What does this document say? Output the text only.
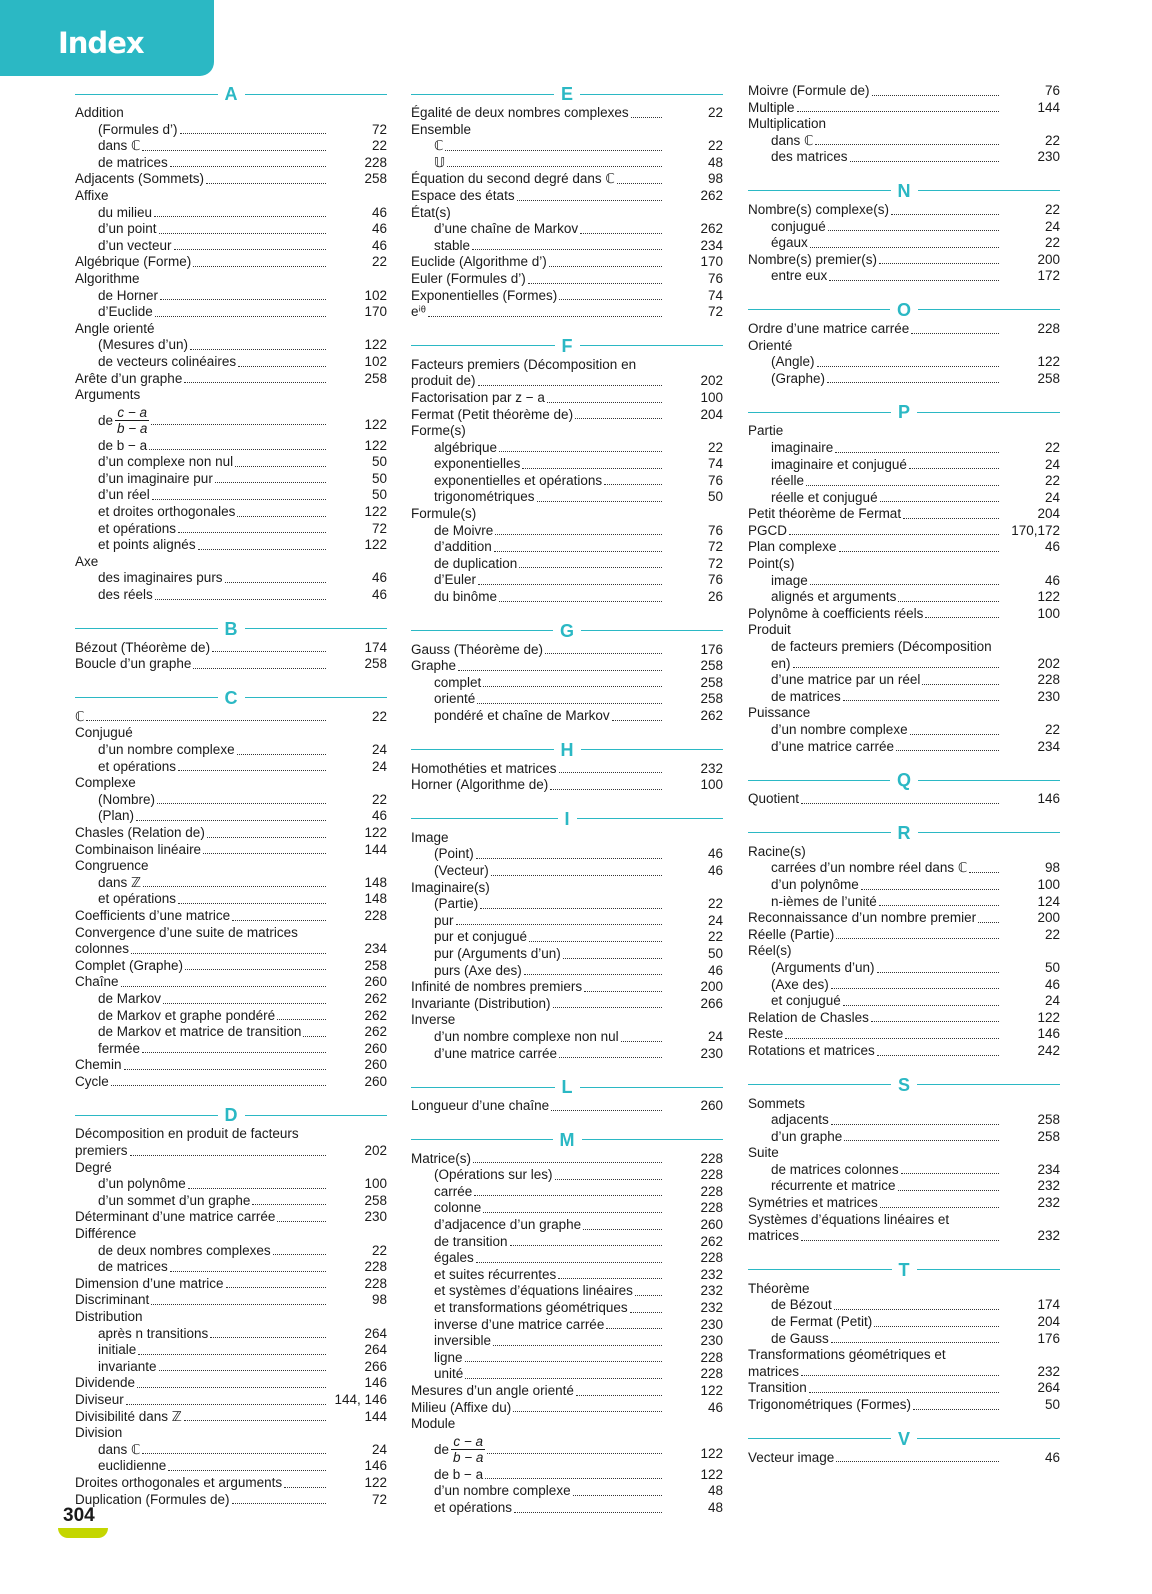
Index
A
Addition
(Formules d’)	72
dans ℂ	22
de matrices	228
Adjacents (Sommets)	258
Affixe
du milieu	46
d’un point	46
d’un vecteur	46
Algébrique (Forme)	22
Algorithme
de Horner	102
d’Euclide	170
Angle orienté
(Mesures d’un)	122
de vecteurs colinéaires	102
Arête d’un graphe	258
Arguments
de $\frac{c - a}{b - a}$	122
de b − a	122
d’un complexe non nul	50
d’un imaginaire pur	50
d’un réel	50
et droites orthogonales	122
et opérations	72
et points alignés	122
Axe
des imaginaires purs	46
des réels	46
B
Bézout (Théorème de)	174
Boucle d’un graphe	258
C
ℂ	22
Conjugué
d’un nombre complexe	24
et opérations	24
Complexe
(Nombre)	22
(Plan)	46
Chasles (Relation de)	122
Combinaison linéaire	144
Congruence
dans ℤ	148
et opérations	148
Coefficients d’une matrice	228
Convergence d’une suite de matrices
colonnes	234
Complet (Graphe)	258
Chaîne	260
de Markov	262
de Markov et graphe pondéré	262
de Markov et matrice de transition	262
fermée	260
Chemin	260
Cycle	260
D
Décomposition en produit de facteurs
premiers	202
Degré
d’un polynôme	100
d’un sommet d’un graphe	258
Déterminant d’une matrice carrée	230
Différence
de deux nombres complexes	22
de matrices	228
Dimension d’une matrice	228
Discriminant	98
Distribution
après n transitions	264
initiale	264
invariante	266
Dividende	146
Diviseur	144, 146
Divisibilité dans ℤ	144
Division
dans ℂ	24
euclidienne	146
Droites orthogonales et arguments	122
Duplication (Formules de)	72
E
Égalité de deux nombres complexes	22
Ensemble
ℂ	22
𝕌	48
Équation du second degré dans ℂ	98
Espace des états	262
État(s)
d’une chaîne de Markov	262
stable	234
Euclide (Algorithme d’)	170
Euler (Formules d’)	76
Exponentielles (Formes)	74
eⁱᶿ	72
F
Facteurs premiers (Décomposition en
produit de)	202
Factorisation par z − a	100
Fermat (Petit théorème de)	204
Forme(s)
algébrique	22
exponentielles	74
exponentielles et opérations	76
trigonométriques	50
Formule(s)
de Moivre	76
d’addition	72
de duplication	72
d’Euler	76
du binôme	26
G
Gauss (Théorème de)	176
Graphe	258
complet	258
orienté	258
pondéré et chaîne de Markov	262
H
Homothéties et matrices	232
Horner (Algorithme de)	100
I
Image
(Point)	46
(Vecteur)	46
Imaginaire(s)
(Partie)	22
pur	24
pur et conjugué	22
pur (Arguments d’un)	50
purs (Axe des)	46
Infinité de nombres premiers	200
Invariante (Distribution)	266
Inverse
d’un nombre complexe non nul	24
d’une matrice carrée	230
L
Longueur d’une chaîne	260
M
Matrice(s)	228
(Opérations sur les)	228
carrée	228
colonne	228
d’adjacence d’un graphe	260
de transition	262
égales	228
et suites récurrentes	232
et systèmes d’équations linéaires	232
et transformations géométriques	232
inverse d’une matrice carrée	230
inversible	230
ligne	228
unité	228
Mesures d’un angle orienté	122
Milieu (Affixe du)	46
Module
de $\frac{c - a}{b - a}$	122
de b − a	122
d’un nombre complexe	48
et opérations	48
Moivre (Formule de)	76
Multiple	144
Multiplication
dans ℂ	22
des matrices	230
N
Nombre(s) complexe(s)	22
conjugué	24
égaux	22
Nombre(s) premier(s)	200
entre eux	172
O
Ordre d’une matrice carrée	228
Orienté
(Angle)	122
(Graphe)	258
P
Partie
imaginaire	22
imaginaire et conjugué	24
réelle	22
réelle et conjugué	24
Petit théorème de Fermat	204
PGCD	170,172
Plan complexe	46
Point(s)
image	46
alignés et arguments	122
Polynôme à coefficients réels	100
Produit
de facteurs premiers (Décomposition
en)	202
d’une matrice par un réel	228
de matrices	230
Puissance
d’un nombre complexe	22
d’une matrice carrée	234
Q
Quotient	146
R
Racine(s)
carrées d’un nombre réel dans ℂ	98
d’un polynôme	100
n-ièmes de l’unité	124
Reconnaissance d’un nombre premier	200
Réelle (Partie)	22
Réel(s)
(Arguments d’un)	50
(Axe des)	46
et conjugué	24
Relation de Chasles	122
Reste	146
Rotations et matrices	242
S
Sommets
adjacents	258
d’un graphe	258
Suite
de matrices colonnes	234
récurrente et matrice	232
Symétries et matrices	232
Systèmes d’équations linéaires et
matrices	232
T
Théorème
de Bézout	174
de Fermat (Petit)	204
de Gauss	176
Transformations géométriques et
matrices	232
Transition	264
Trigonométriques (Formes)	50
V
Vecteur image	46
304
